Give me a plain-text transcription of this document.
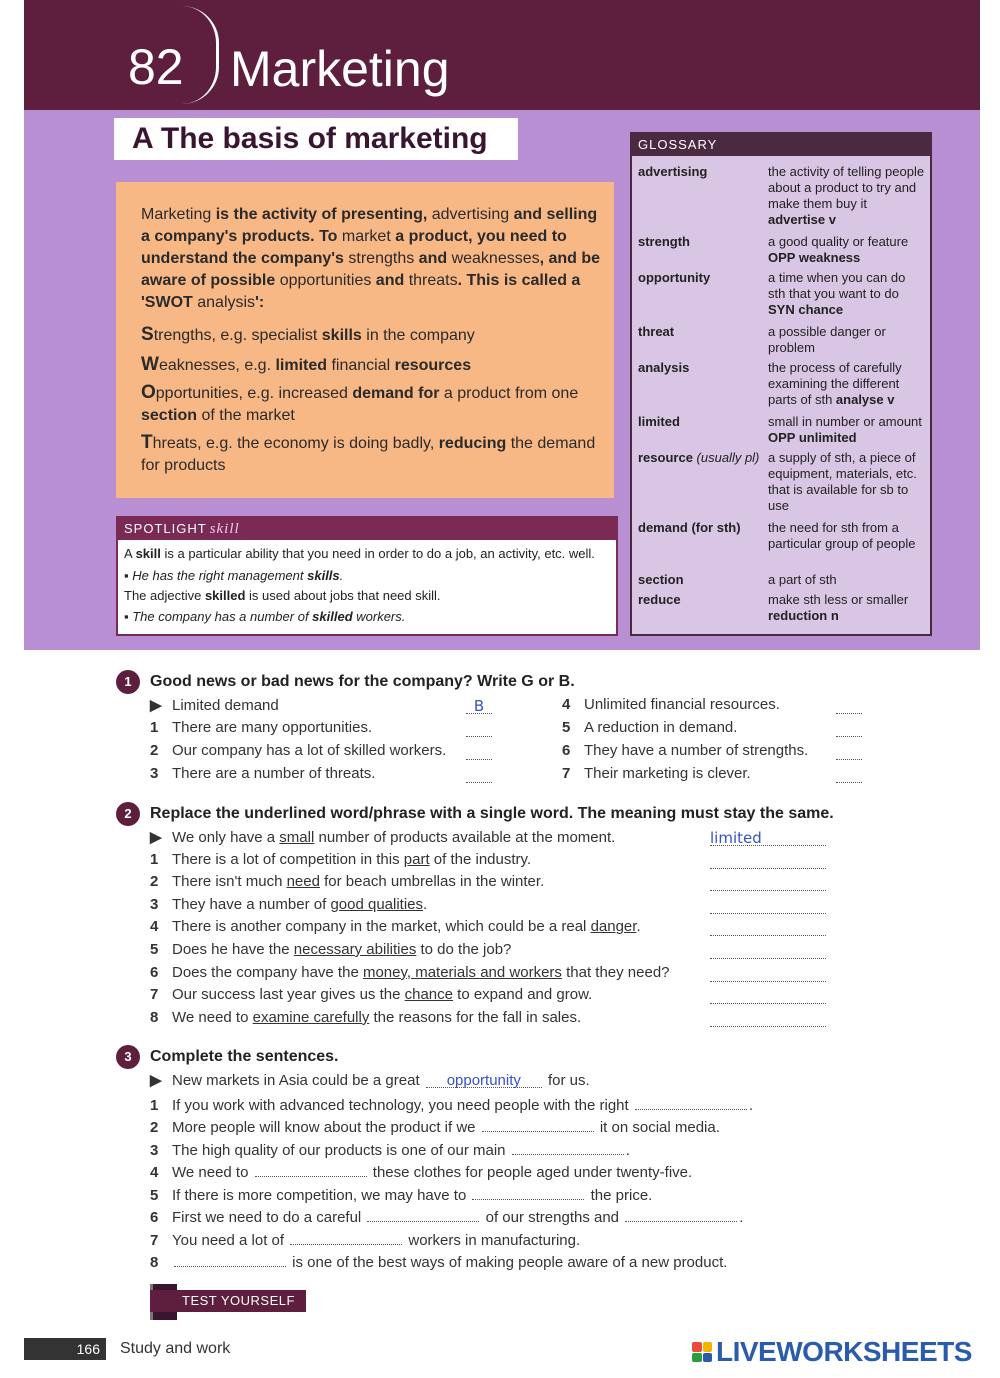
82 Marketing
A The basis of marketing

Marketing is the activity of presenting, advertising and selling a company's products. To market a product, you need to understand the company's strengths and weaknesses, and be aware of possible opportunities and threats. This is called a 'SWOT analysis':

Strengths, e.g. specialist skills in the company

Weaknesses, e.g. limited financial resources

Opportunities, e.g. increased demand for a product from one section of the market

Threats, e.g. the economy is doing badly, reducing the demand for products

SPOTLIGHT skill
A skill is a particular ability that you need in order to do a job, an activity, etc. well.
▪ He has the right management skills.
The adjective skilled is used about jobs that need skill.
▪ The company has a number of skilled workers.
GLOSSARY
advertising	the activity of telling people about a product to try and make them buy it advertise v
strength	a good quality or feature OPP weakness
opportunity	a time when you can do sth that you want to do SYN chance
threat	a possible danger or problem
analysis	the process of carefully examining the different parts of sth analyse v
limited	small in number or amount OPP unlimited
resource (usually pl) a supply of sth, a piece of equipment, materials, etc. that is available for sb to use
demand (for sth)	the need for sth from a particular group of people
section	a part of sth
reduce	make sth less or smaller reduction n
1	Good news or bad news for the company? Write G or B.
▶ Limited demand	B
1 There are many opportunities.
2 Our company has a lot of skilled workers.
3 There are a number of threats.
4 Unlimited financial resources.
5 A reduction in demand.
6 They have a number of strengths.
7 Their marketing is clever.
2	Replace the underlined word/phrase with a single word. The meaning must stay the same.
▶ We only have a small number of products available at the moment.	limited
1 There is a lot of competition in this part of the industry.
2 There isn't much need for beach umbrellas in the winter.
3 They have a number of good qualities.
4 There is another company in the market, which could be a real danger.
5 Does he have the necessary abilities to do the job?
6 Does the company have the money, materials and workers that they need?
7 Our success last year gives us the chance to expand and grow.
8 We need to examine carefully the reasons for the fall in sales.
3	Complete the sentences.
▶ New markets in Asia could be a great opportunity for us.
1 If you work with advanced technology, you need people with the right	.
2 More people will know about the product if we	it on social media.
3 The high quality of our products is one of our main	.
4 We need to	these clothes for people aged under twenty-five.
5 If there is more competition, we may have to	the price.
6 First we need to do a careful	of our strengths and	.
7 You need a lot of	workers in manufacturing.
8	is one of the best ways of making people aware of a new product.
TEST YOURSELF
166	Study and work	LIVEWORKSHEETS
